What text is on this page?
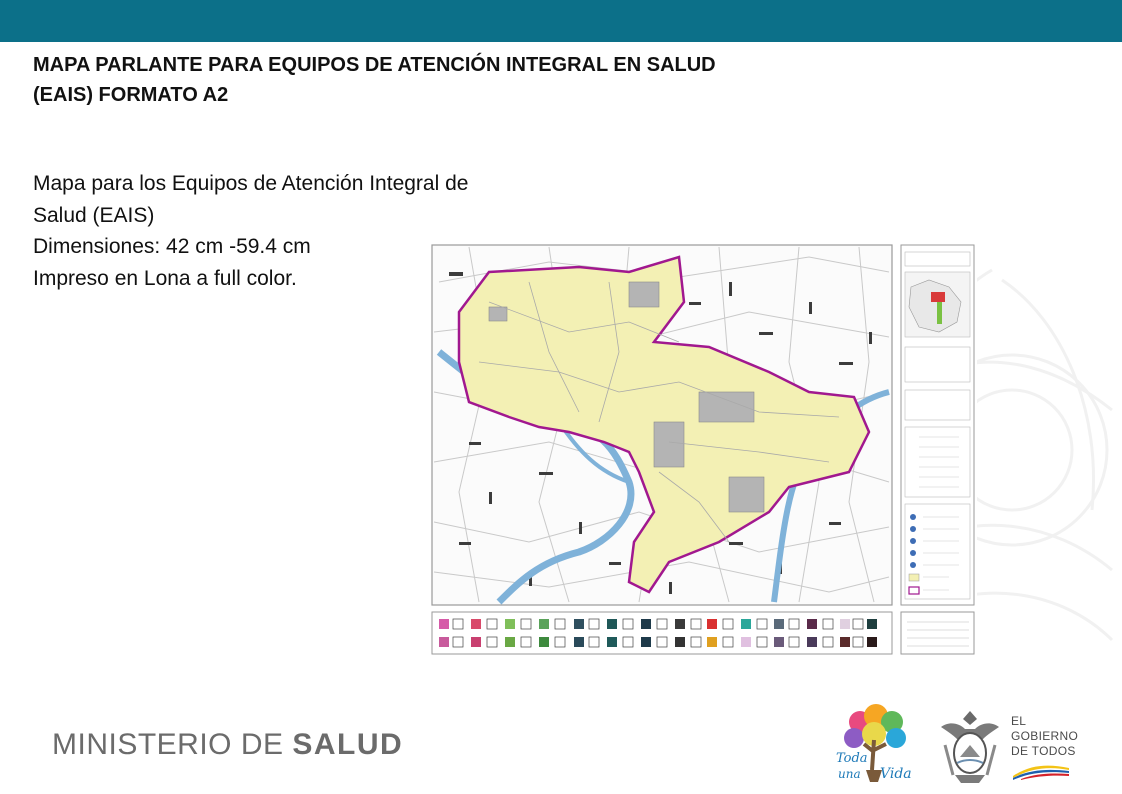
MAPA PARLANTE PARA EQUIPOS DE ATENCIÓN INTEGRAL EN SALUD
(EAIS) FORMATO A2
Mapa para los Equipos de Atención Integral de
Salud (EAIS)
Dimensiones: 42 cm -59.4 cm
Impreso en Lona a full color.
MINISTERIO DE SALUD	Toda
una Vida
EL
GOBIERNO
DE TODOS
